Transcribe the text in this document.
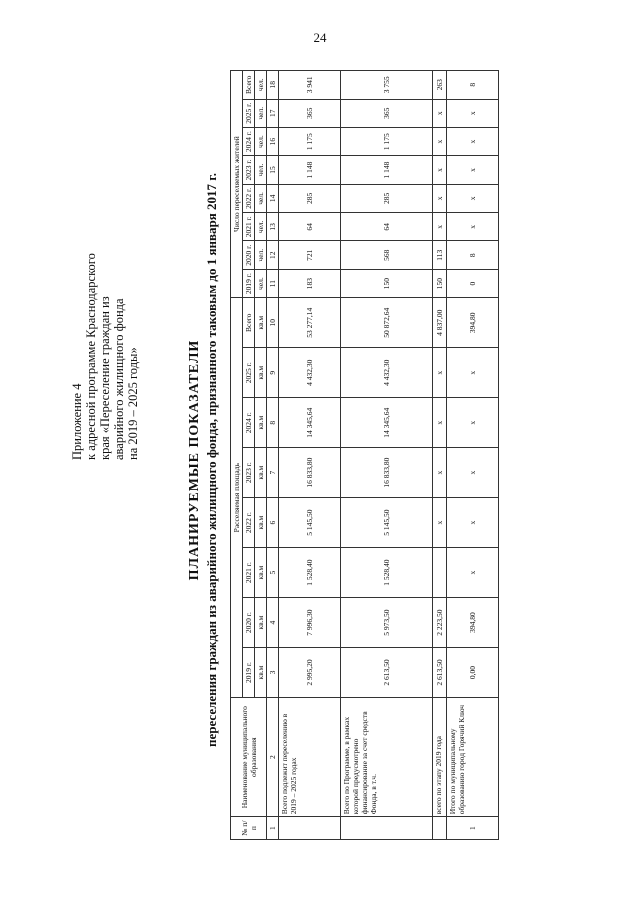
24
Приложение 4 к адресной программе Краснодарского края «Переселение граждан из аварийного жилищного фонда на 2019 – 2025 годы»	ПЛАНИРУЕМЫЕ ПОКАЗАТЕЛИ переселения граждан из аварийного жилищного фонда, признанного таковым до 1 января 2017 г.
№ п/п	Наименование муниципального образования	Расселяемая площадь								Число переселяемых жителей							
		2019 г.	2020 г.	2021 г.	2022 г.	2023 г.	2024 г.	2025 г.	Всего	2019 г.	2020 г.	2021 г.	2022 г.	2023 г.	2024 г.	2025 г.	Всего
		кв.м	кв.м	кв.м	кв.м	кв.м	кв.м	кв.м	кв.м	чел.	чел.	чел.	чел.	чел.	чел.	чел.	чел.
1	2	3	4	5	6	7	8	9	10	11	12	13	14	15	16	17	18
	Всего подлежит переселению в 2019 – 2025 годах	2 995,20	7 996,30	1 528,40	5 145,50	16 833,80	14 345,64	4 432,30	53 277,14	183	721	64	285	1 148	1 175	365	3 941
	Всего по Программе, в рамках которой предусмотрено финансирование за счет средств Фонда, в т.ч.	2 613,50	5 973,50	1 528,40	5 145,50	16 833,80	14 345,64	4 432,30	50 872,64	150	568	64	285	1 148	1 175	365	3 755
	всего по этапу 2019 года	2 613,50	2 223,50		x	x	x	x	4 837,00	150	113	x	x	x	x	x	263
1	Итого по муниципальному образованию город Горячий Ключ	0,00	394,80	x	x	x	x	x	394,80	0	8	x	x	x	x	x	8
